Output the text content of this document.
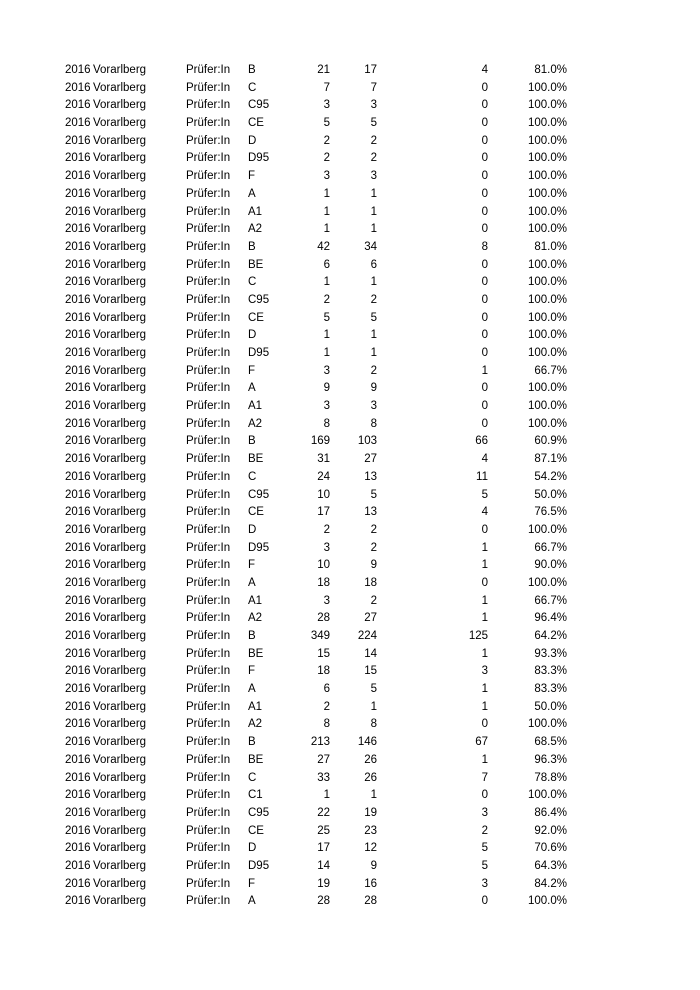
2016 Vorarlberg	Prüfer:In	B	21	17	4	81.0%
2016 Vorarlberg	Prüfer:In	C	7	7	0	100.0%
2016 Vorarlberg	Prüfer:In	C95	3	3	0	100.0%
2016 Vorarlberg	Prüfer:In	CE	5	5	0	100.0%
2016 Vorarlberg	Prüfer:In	D	2	2	0	100.0%
2016 Vorarlberg	Prüfer:In	D95	2	2	0	100.0%
2016 Vorarlberg	Prüfer:In	F	3	3	0	100.0%
2016 Vorarlberg	Prüfer:In	A	1	1	0	100.0%
2016 Vorarlberg	Prüfer:In	A1	1	1	0	100.0%
2016 Vorarlberg	Prüfer:In	A2	1	1	0	100.0%
2016 Vorarlberg	Prüfer:In	B	42	34	8	81.0%
2016 Vorarlberg	Prüfer:In	BE	6	6	0	100.0%
2016 Vorarlberg	Prüfer:In	C	1	1	0	100.0%
2016 Vorarlberg	Prüfer:In	C95	2	2	0	100.0%
2016 Vorarlberg	Prüfer:In	CE	5	5	0	100.0%
2016 Vorarlberg	Prüfer:In	D	1	1	0	100.0%
2016 Vorarlberg	Prüfer:In	D95	1	1	0	100.0%
2016 Vorarlberg	Prüfer:In	F	3	2	1	66.7%
2016 Vorarlberg	Prüfer:In	A	9	9	0	100.0%
2016 Vorarlberg	Prüfer:In	A1	3	3	0	100.0%
2016 Vorarlberg	Prüfer:In	A2	8	8	0	100.0%
2016 Vorarlberg	Prüfer:In	B	169	103	66	60.9%
2016 Vorarlberg	Prüfer:In	BE	31	27	4	87.1%
2016 Vorarlberg	Prüfer:In	C	24	13	11	54.2%
2016 Vorarlberg	Prüfer:In	C95	10	5	5	50.0%
2016 Vorarlberg	Prüfer:In	CE	17	13	4	76.5%
2016 Vorarlberg	Prüfer:In	D	2	2	0	100.0%
2016 Vorarlberg	Prüfer:In	D95	3	2	1	66.7%
2016 Vorarlberg	Prüfer:In	F	10	9	1	90.0%
2016 Vorarlberg	Prüfer:In	A	18	18	0	100.0%
2016 Vorarlberg	Prüfer:In	A1	3	2	1	66.7%
2016 Vorarlberg	Prüfer:In	A2	28	27	1	96.4%
2016 Vorarlberg	Prüfer:In	B	349	224	125	64.2%
2016 Vorarlberg	Prüfer:In	BE	15	14	1	93.3%
2016 Vorarlberg	Prüfer:In	F	18	15	3	83.3%
2016 Vorarlberg	Prüfer:In	A	6	5	1	83.3%
2016 Vorarlberg	Prüfer:In	A1	2	1	1	50.0%
2016 Vorarlberg	Prüfer:In	A2	8	8	0	100.0%
2016 Vorarlberg	Prüfer:In	B	213	146	67	68.5%
2016 Vorarlberg	Prüfer:In	BE	27	26	1	96.3%
2016 Vorarlberg	Prüfer:In	C	33	26	7	78.8%
2016 Vorarlberg	Prüfer:In	C1	1	1	0	100.0%
2016 Vorarlberg	Prüfer:In	C95	22	19	3	86.4%
2016 Vorarlberg	Prüfer:In	CE	25	23	2	92.0%
2016 Vorarlberg	Prüfer:In	D	17	12	5	70.6%
2016 Vorarlberg	Prüfer:In	D95	14	9	5	64.3%
2016 Vorarlberg	Prüfer:In	F	19	16	3	84.2%
2016 Vorarlberg	Prüfer:In	A	28	28	0	100.0%
